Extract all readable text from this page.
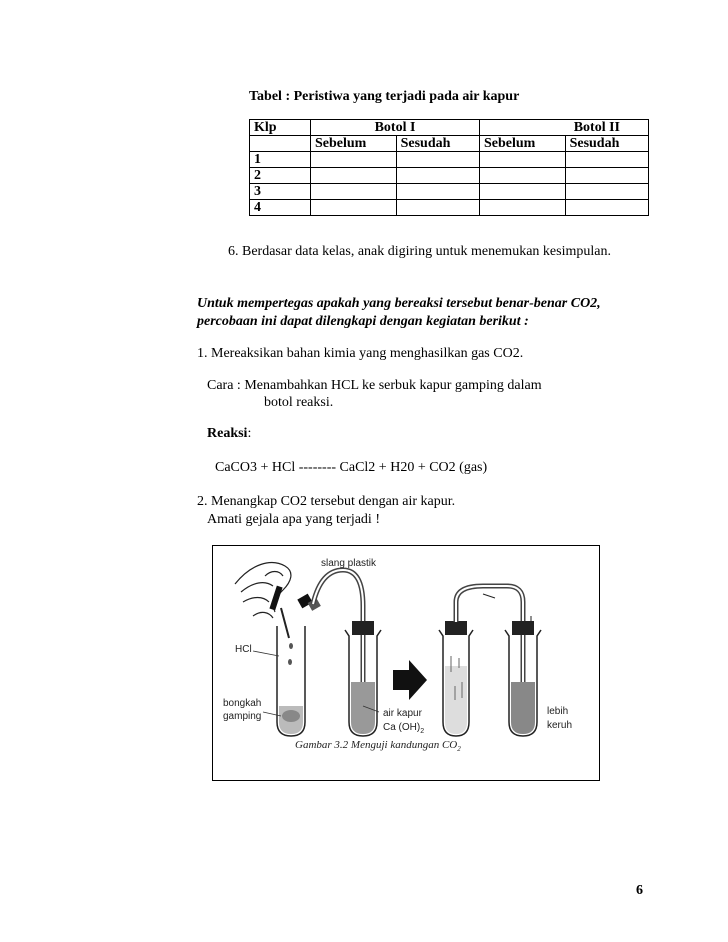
Tabel : Peristiwa yang terjadi pada air kapur
Klp	Botol I		Botol II	
	Sebelum	Sesudah	Sebelum	Sesudah
1				
2				
3				
4				
6. Berdasar data kelas, anak digiring untuk menemukan kesimpulan.
Untuk mempertegas apakah yang bereaksi tersebut benar-benar CO2,
percobaan ini dapat dilengkapi dengan kegiatan berikut :
1. Mereaksikan bahan kimia yang menghasilkan gas CO2.
Cara : Menambahkan HCL ke serbuk kapur gamping dalam
botol reaksi.
Reaksi:
CaCO3 + HCl -------- CaCl2 + H20 + CO2 (gas)
2. Menangkap CO2 tersebut dengan air kapur.
Amati gejala apa yang terjadi !
slang plastik
HCl
bongkah
gamping	air kapur
Ca $(OH)_2$
lebih
keruh
Gambar 3.2 Menguji kandungan $CO_2$
6
